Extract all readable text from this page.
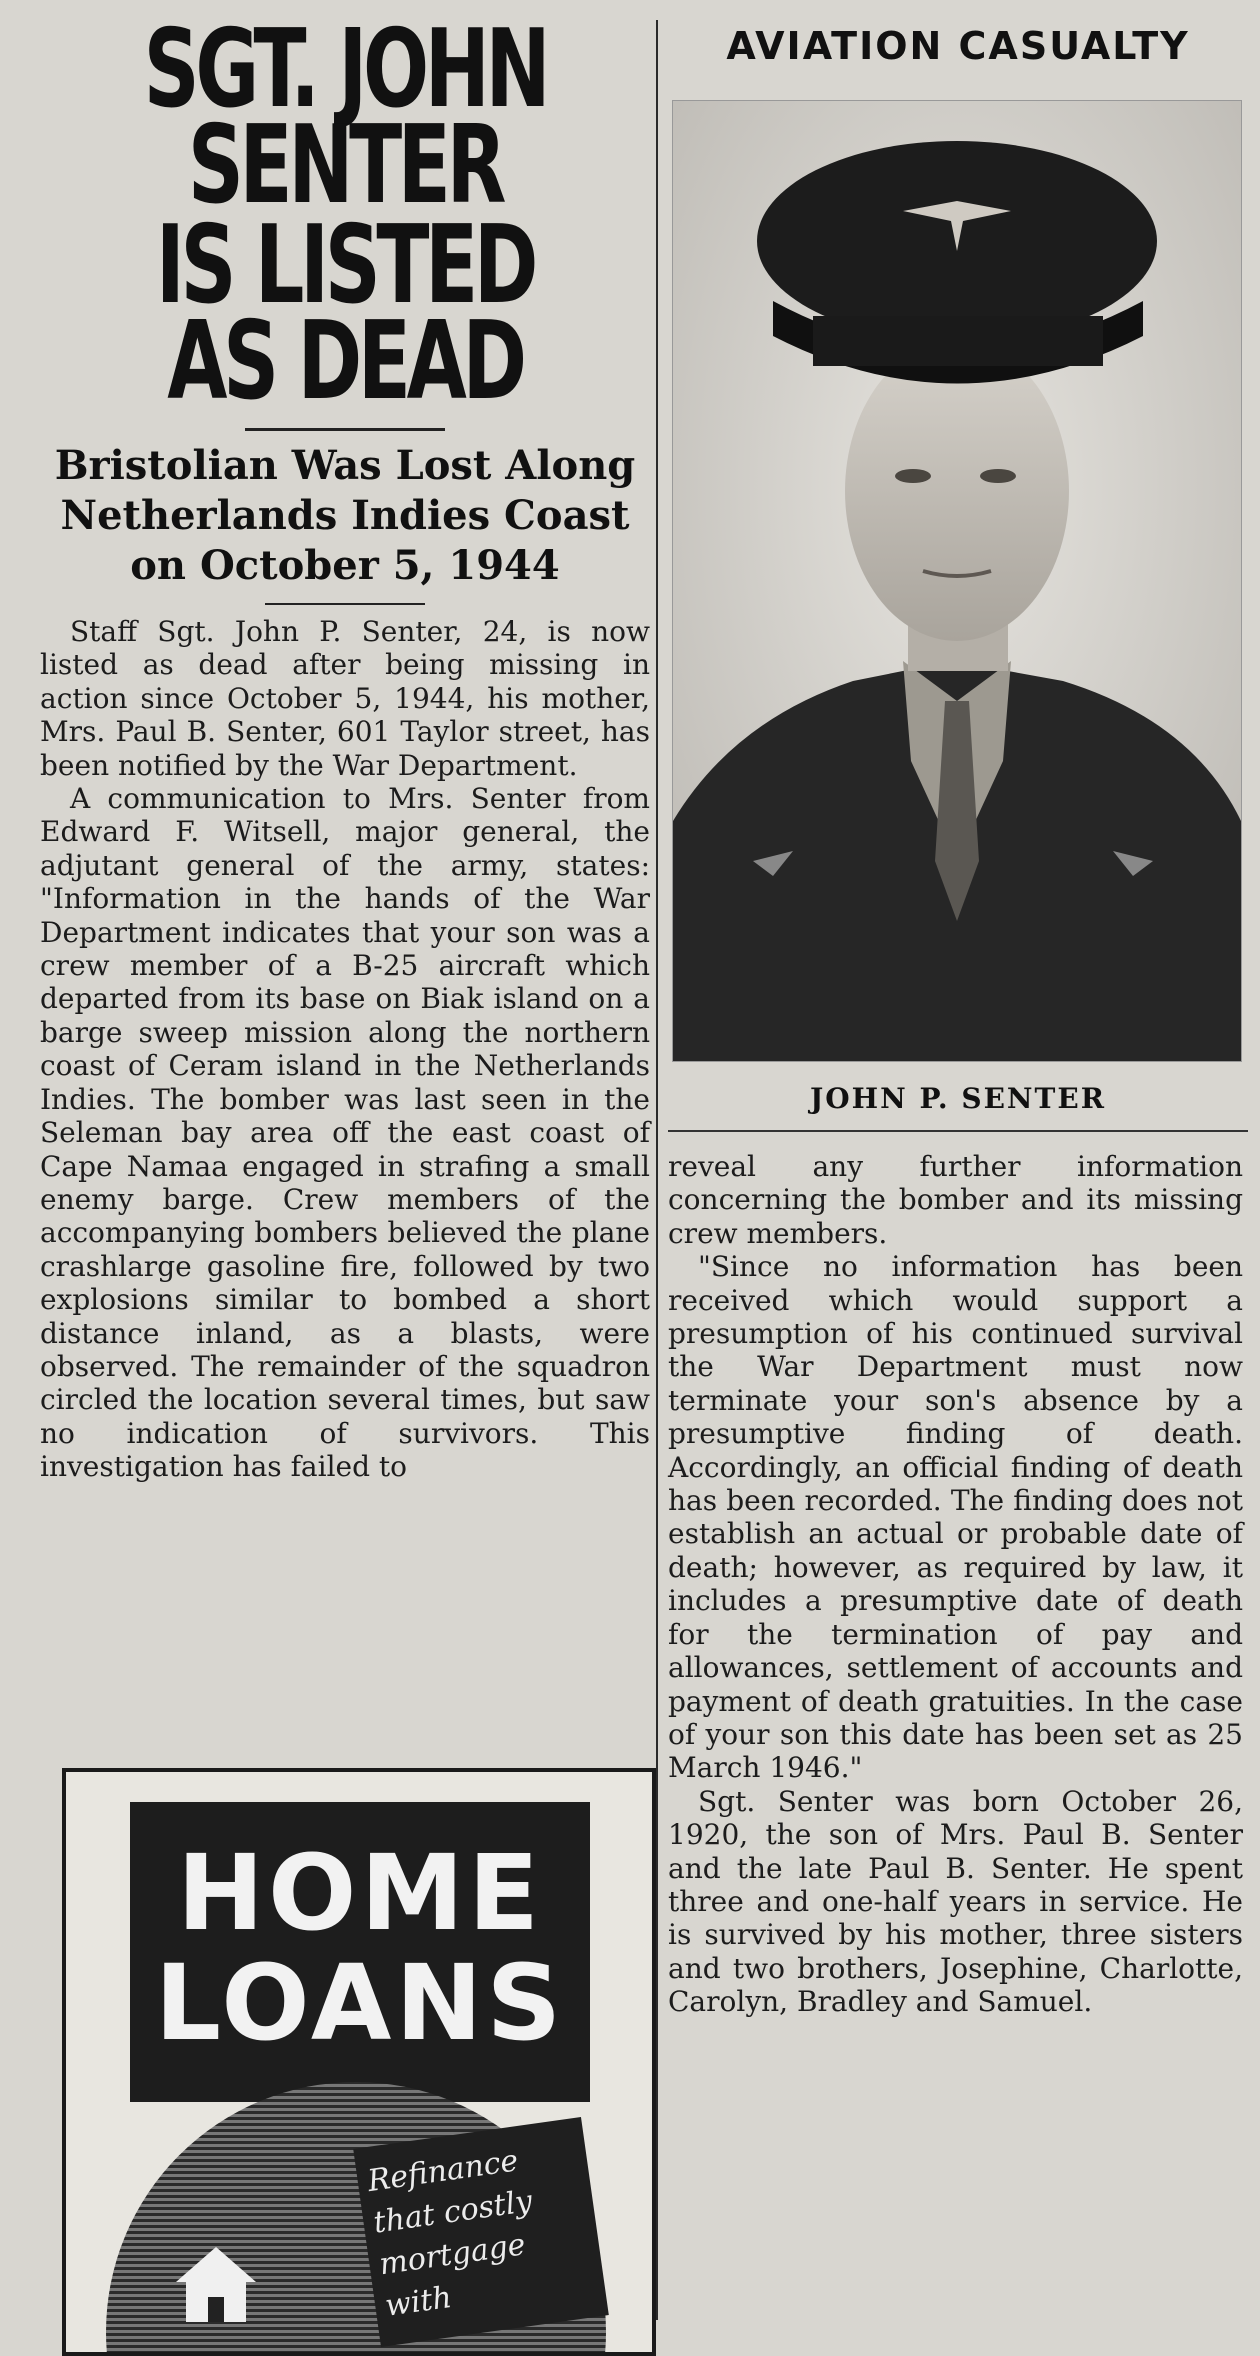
SGT. JOHN SENTER
IS LISTED AS DEAD
Bristolian Was Lost Along Netherlands Indies Coast on October 5, 1944

Staff Sgt. John P. Senter, 24, is now listed as dead after being missing in action since October 5, 1944, his mother, Mrs. Paul B. Senter, 601 Taylor street, has been notified by the War Department.

A communication to Mrs. Senter from Edward F. Witsell, major general, the adjutant general of the army, states: "Information in the hands of the War Department indicates that your son was a crew member of a B-25 aircraft which departed from its base on Biak island on a barge sweep mission along the northern coast of Ceram island in the Netherlands Indies. The bomber was last seen in the Seleman bay area off the east coast of Cape Namaa engaged in strafing a small enemy barge. Crew members of the accompanying bombers believed the plane crashlarge gasoline fire, followed by two explosions similar to bombed a short distance inland, as a blasts, were observed. The remainder of the squadron circled the location several times, but saw no indication of survivors. This investigation has failed to

HOME
LOANS
Refinance
that costly
mortgage
with
AVIATION CASUALTY
JOHN P. SENTER

reveal any further information concerning the bomber and its missing crew members.

"Since no information has been received which would support a presumption of his continued survival the War Department must now terminate your son's absence by a presumptive finding of death. Accordingly, an official finding of death has been recorded. The finding does not establish an actual or probable date of death; however, as required by law, it includes a presumptive date of death for the termination of pay and allowances, settlement of accounts and payment of death gratuities. In the case of your son this date has been set as 25 March 1946."

Sgt. Senter was born October 26, 1920, the son of Mrs. Paul B. Senter and the late Paul B. Senter. He spent three and one-half years in service. He is survived by his mother, three sisters and two brothers, Josephine, Charlotte, Carolyn, Bradley and Samuel.
